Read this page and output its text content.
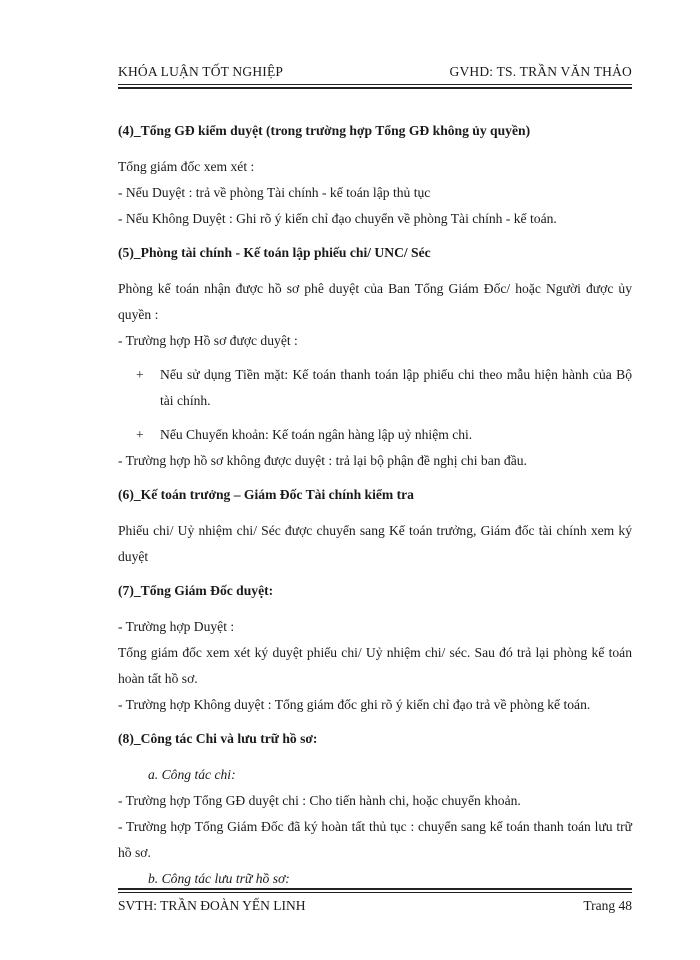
KHÓA LUẬN TỐT NGHIỆP	GVHD: TS. TRẦN VĂN THẢO

(4)_Tổng GĐ kiểm duyệt (trong trường hợp Tổng GĐ không ủy quyền)

Tổng giám đốc xem xét :

- Nếu Duyệt : trả về phòng Tài chính - kế toán lập thủ tục

- Nếu Không Duyệt : Ghi rõ ý kiến chỉ đạo chuyển về phòng Tài chính - kế toán.

(5)_Phòng tài chính - Kế toán lập phiếu chi/ UNC/ Séc

Phòng kế toán nhận được hồ sơ phê duyệt của Ban Tổng Giám Đốc/ hoặc Người được ủy quyền :

- Trường hợp Hồ sơ được duyệt :

+ Nếu sử dụng Tiền mặt: Kế toán thanh toán lập phiếu chi theo mẫu hiện hành của Bộ tài chính.

+ Nếu Chuyển khoản: Kế toán ngân hàng lập uỷ nhiệm chi.

- Trường hợp hồ sơ không được duyệt : trả lại bộ phận đề nghị chi ban đầu.

(6)_Kế toán trưởng – Giám Đốc Tài chính kiểm tra

Phiếu chi/ Uỷ nhiệm chi/ Séc được chuyển sang Kế toán trưởng, Giám đốc tài chính xem ký duyệt

(7)_Tổng Giám Đốc duyệt:

- Trường hợp Duyệt :

Tổng giám đốc xem xét ký duyệt phiếu chi/ Uỷ nhiệm chi/ séc. Sau đó trả lại phòng kế toán hoàn tất hồ sơ.

- Trường hợp Không duyệt : Tổng giám đốc ghi rõ ý kiến chỉ đạo trả về phòng kế toán.

(8)_Công tác Chi và lưu trữ hồ sơ:

a. Công tác chi:

- Trường hợp Tổng GĐ duyệt chi : Cho tiến hành chi, hoặc chuyển khoản.

- Trường hợp Tổng Giám Đốc đã ký hoàn tất thủ tục : chuyển sang kế toán thanh toán lưu trữ hồ sơ.

b. Công tác lưu trữ hồ sơ:

SVTH: TRẦN ĐOÀN YẾN LINH	Trang 48
